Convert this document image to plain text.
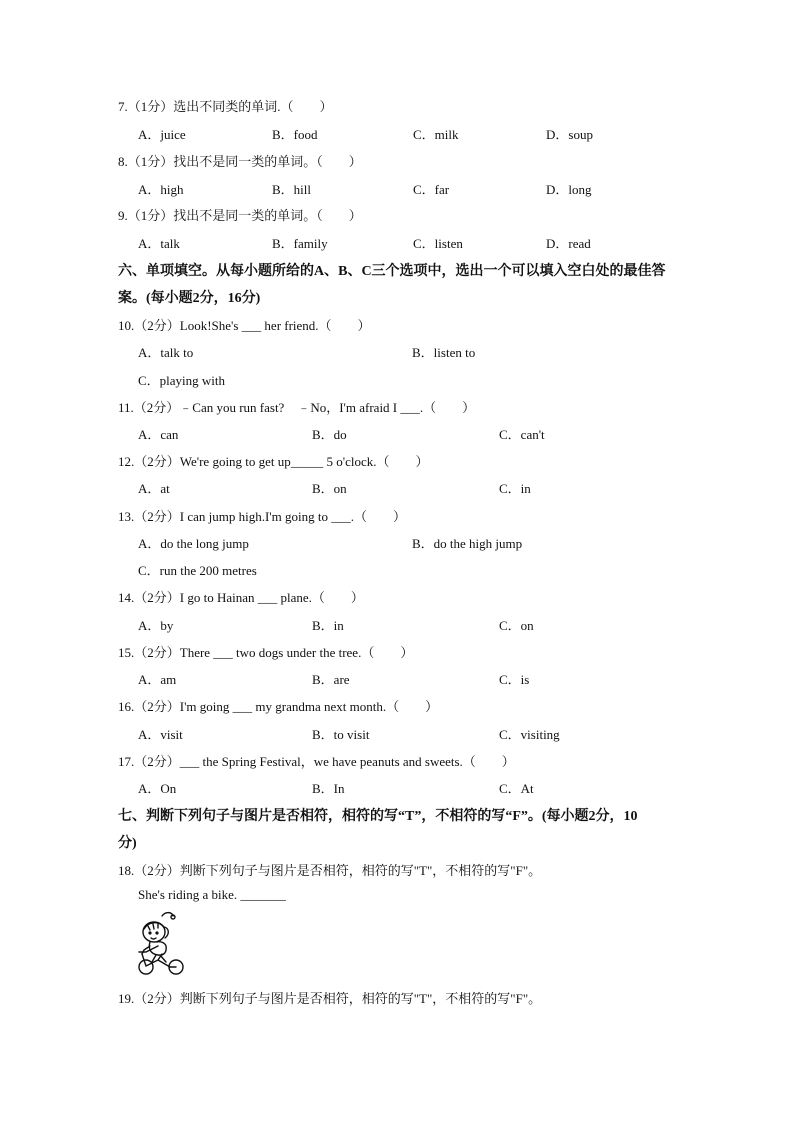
7.（1分）选出不同类的单词.（　　）
A．juice	B．food	C．milk	D．soup
8.（1分）找出不是同一类的单词。（　　）
A．high	B．hill	C．far	D．long
9.（1分）找出不是同一类的单词。（　　）
A．talk	B．family	C．listen	D．read
六、单项填空。从每小题所给的A、B、C三个选项中，选出一个可以填入空白处的最佳答
案。(每小题2分，16分)
10.（2分）Look!She's ___ her friend.（　　）
A．talk to	B．listen to
C．playing with
11.（2分）﹣Can you run fast?　﹣No，I'm afraid I ___.（　　）
A．can	B．do	C．can't
12.（2分）We're going to get up_____ 5 o'clock.（　　）
A．at	B．on	C．in
13.（2分）I can jump high.I'm going to ___.（　　）
A．do the long jump	B．do the high jump
C．run the 200 metres
14.（2分）I go to Hainan ___ plane.（　　）
A．by	B．in	C．on
15.（2分）There ___ two dogs under the tree.（　　）
A．am	B．are	C．is
16.（2分）I'm going ___ my grandma next month.（　　）
A．visit	B．to visit	C．visiting
17.（2分）___ the Spring Festival，we have peanuts and sweets.（　　）
A．On	B．In	C．At
七、判断下列句子与图片是否相符，相符的写“T”，不相符的写“F”。(每小题2分，10
分)
18.（2分）判断下列句子与图片是否相符，相符的写"T"，不相符的写"F"。
She's riding a bike. _______
19.（2分）判断下列句子与图片是否相符，相符的写"T"，不相符的写"F"。
